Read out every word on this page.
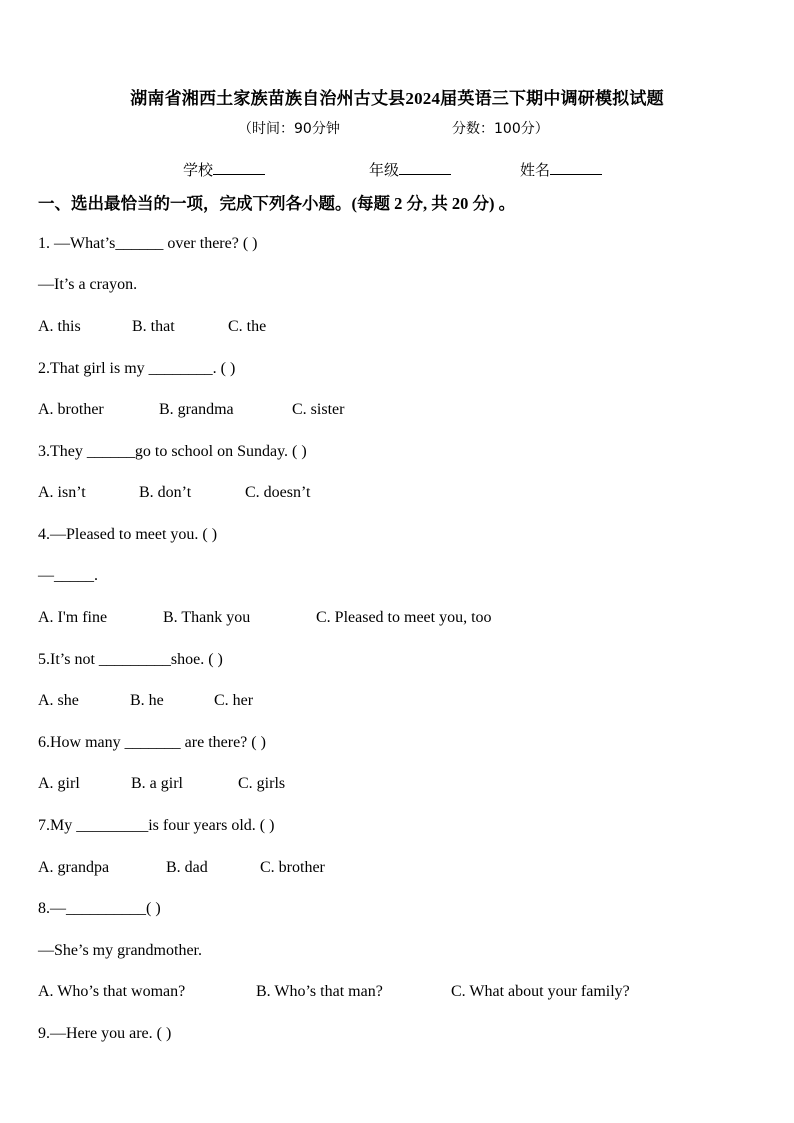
湖南省湘西土家族苗族自治州古丈县2024届英语三下期中调研模拟试题
（时间：90分钟	分数：100分）
学校	年级	姓名
一、选出最恰当的一项，完成下列各小题。(每题 2 分, 共 20 分) 。
1. —What’s______ over there? ( )
—It’s a crayon.
A. this	B. that	C. the
2.That girl is my ________. ( )
A. brother	B. grandma	C. sister
3.They ______go to school on Sunday. ( )
A. isn’t	B. don’t	C. doesn’t
4.—Pleased to meet you. ( )
—_____.
A. I'm fine	B. Thank you	C. Pleased to meet you, too
5.It’s not _________shoe. ( )
A. she	B. he	C. her
6.How many _______ are there? ( )
A. girl	B. a girl	C. girls
7.My _________is four years old. ( )
A. grandpa	B. dad	C. brother
8.—__________( )
—She’s my grandmother.
A. Who’s that woman?	B. Who’s that man?	C. What about your family?
9.—Here you are. ( )
